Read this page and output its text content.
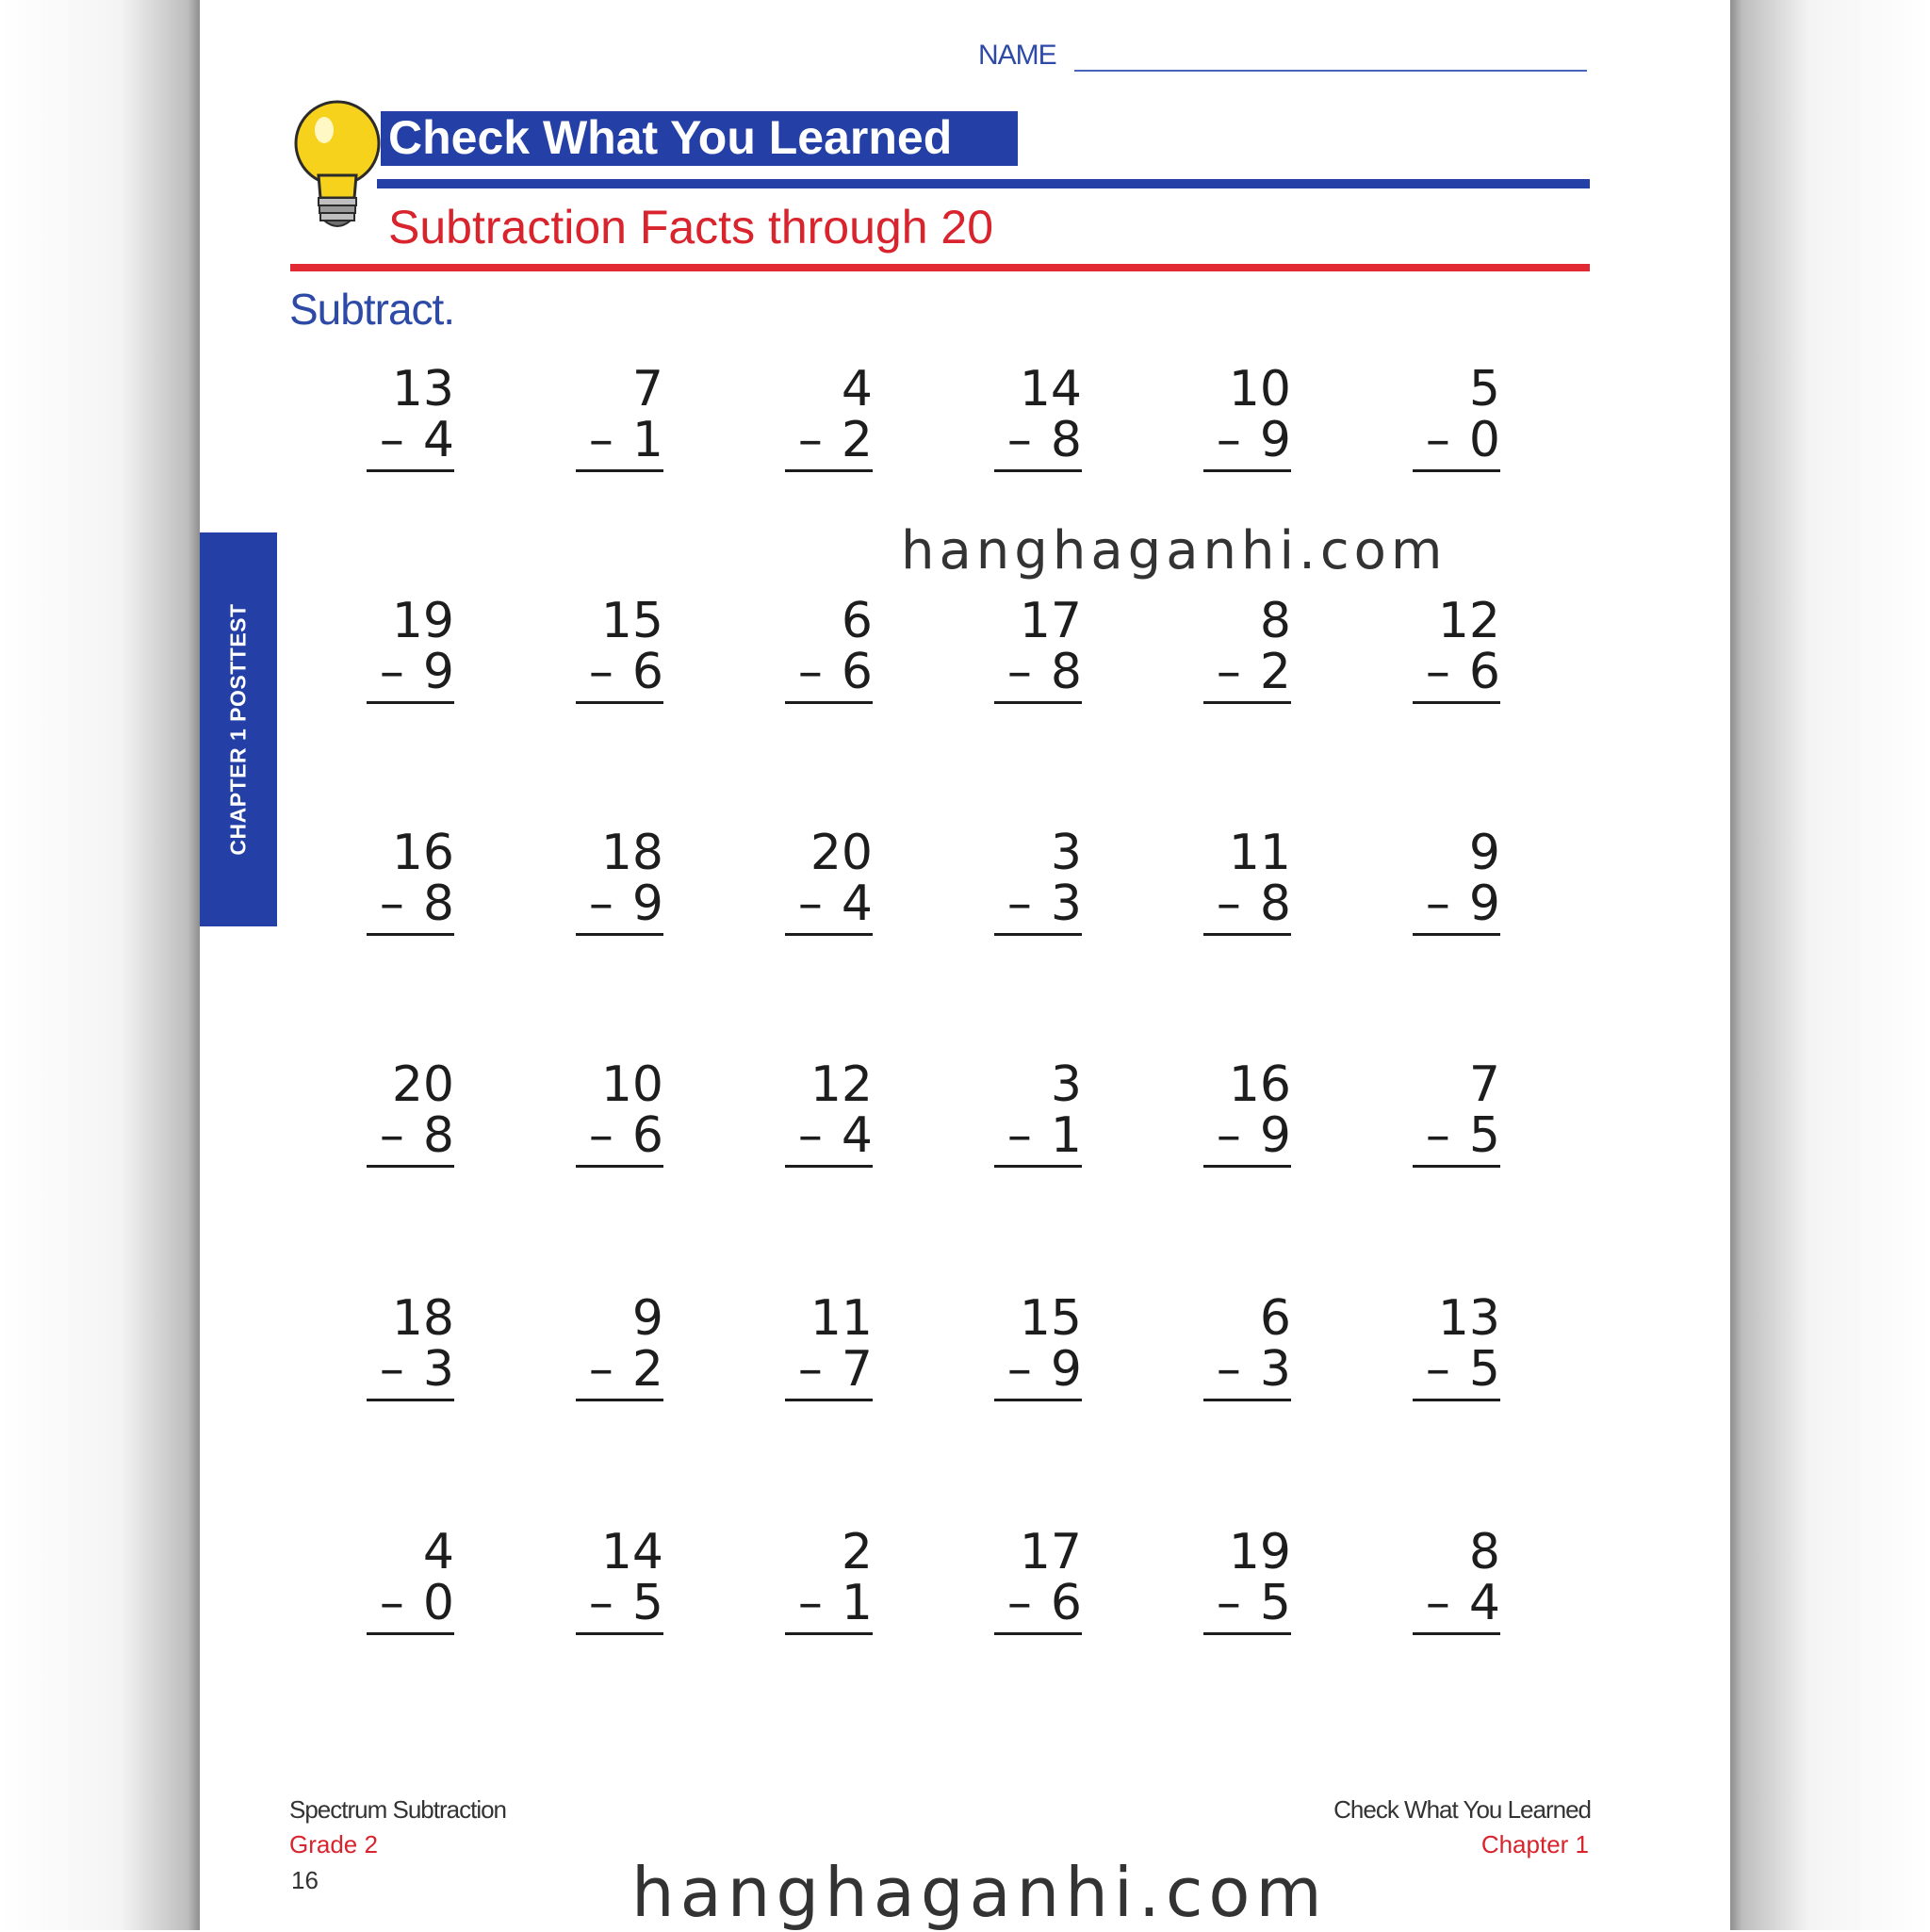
NAME
Check What You Learned
Subtraction Facts through 20
Subtract.
CHAPTER 1 POSTTEST
13
– 4
7
– 1
4
– 2
14
– 8
10
– 9
5
– 0
19
– 9
15
– 6
6
– 6
17
– 8
8
– 2
12
– 6
16
– 8
18
– 9
20
– 4
3
– 3
11
– 8
9
– 9
20
– 8
10
– 6
12
– 4
3
– 1
16
– 9
7
– 5
18
– 3
9
– 2
11
– 7
15
– 9
6
– 3
13
– 5
4
– 0
14
– 5
2
– 1
17
– 6
19
– 5
8
– 4
Spectrum Subtraction
Grade 2
16
Check What You Learned
Chapter 1
hanghaganhi.com
hanghaganhi.com
